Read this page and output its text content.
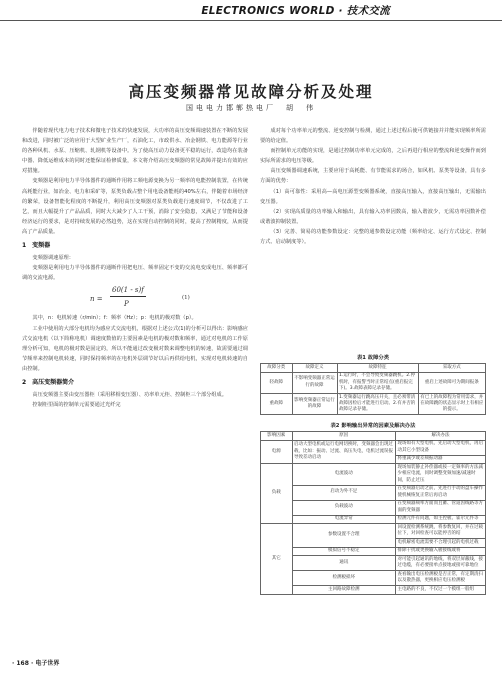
ELECTRONICS WORLD · 技术交流
高压变频器常见故障分析及处理
国电电力邯郸热电厂　胡　伟

伴随着现代电力电子技术和微电子技术的快速发展，大功率的高压变频调速装置在不断的发展和改进，同时被广泛的应用于大型矿业生产厂，石油化工，市政供水、冶金钢铁、电力能源等行业的各种风机、水泵、压缩机、轧钢机等设备中。为了使高压动力设备更平稳的运行，改造均在装备中器、降低运维成本的同时还能保证检修质量，本文将介绍高压变频器的常见故障并提出有效的应对措施。

变频器是利用电力半导体器件的通断作用将工频电源变换为另一频率的电能控制装置，在传统高耗能行业，如冶金、电力和采矿等，泵类负载占整个用电设备能耗的40%左右，伴随着市场经济的繁荣，设备智能化程度的不断提升，利用高压变频器对泵类负载进行速度调节，不仅改进了工艺，而且大幅提升了产品品质，同时大大减少了人工干预，消除了安全隐患，又满足了节能和设备经济运行的要求，是对持续发展的必然趋势，这在实现自动控制的同时，提高了控制精度，从而提高了产品质量。

1　变频器

变频器调速原理：

变频器是利用电力半导体器件的通断作用把电压、频率固定不变的交流电变成电压、频率都可调的交流电源。

n =
60(1 - s)f
P
(1)

其中，n：电机转速（r/min）；f：频率（Hz）；p：电机的极对数（p）。

工业中使用的大部分电机均为感应式交流电机，根据对上述公式(1)的分析可以得出：影响感应式交流电机（以下简称电机）调速度数值的主要因素是电机的极对数和频率，通过对电机的工作原理分析可知，电机的极对数是固定的，所以不能通过改变极对数来调整电机的转速，故需要通过调节频率来控制电机转速，同时保持频率的在电机外层调节好以后再供给电机，实现对电机转速的自由控制。

2　高压变频器简介

高压变频器主要由变压器柜（采用移相变压器）、功率单元柜、控制柜三个部分组成。

控制柜里面的控制单元需要通过光纤完

成对每个功率单元的整流、逆变控制与检测，通过上述过程后使可供链接并并能实现频率所需要的给定值。

而控制单元功能的实现，是通过控制功率单元完成的，之后再进行相应的整流和逆变操作而到实际所需求的电压等级。

高压变频器调速系统，主要应用于高耗能、有节能需求的场合，如风机、泵类等设备，具有多方面的优势：

（1）高可靠性：采用高—高电压源型变频器系统，直接高压输入，直接高压输出，无需输出变压器。

（2）实现高质量的功率输入和输出，具有输入功率因数高，输入谐波少，无需功率因数补偿或谐波抑制装置。

（3）完善、简易的功能参数设定：完整的通参数设定功能（频率给定、运行方式设定、控制方式、启动制度等）。

表1 故障分类
故障分类	故障定义	故障特征	采取方式
轻故障	不影响变频器正常运行的故障	1.运行时，不会导致变频器跳机。2.停机时，有报警当时正常结点(重启报完下)。3.故障表障记录存储。	重启上述故障可为期间报条
重故障	影响变频器正常运行的故障	1.变频器运行跳高压开关，且必须带清故障因检后才能进行启动。2.有并否的故障记录存储。	有已上的故障程为常用需求，并在故障跳的状态显示时上有相应的提示。
表2 影响输出异常的因素及解决办法
影响因素	原因	解决办法
电源	启动大型电机或运行电网切换时，变频器会出现过载，比如：振动、过流、高压失电，电机过流误报导致差动启动	现场如有大型电机，先启动大型电机，再启动其它小型设备
		将重减少或差频振动器
负载	电流波动	现场加装静止补偿器或按一定频率的方法减少相应电流，同时调整变频加速/减速时间，防止过压
	启动为外不足	在变频器启动之前，先进行手动的盘车操作使机械恢复正常后再启动
	负载波动	在变频器频率方面而且蓄、管道因线路等方面的变频器
	电流异常	检测元件有问题，如主控板、霍尔元件等
其它	参数设置不合理	回设置检测系统跳，将参数复回，并在过载位下，对回检查可以能停否的结
		电机解密电流需要不合理引起的电机过载
	模拟信号不稳定	排除干扰或更换输入板接线或将
	通讯	对可能引起通讯的地线，将双层屏蔽线，接过电缆，有必要接单点接地或接可靠地位
	检测板损坏	查看输出电压检测板是否正常，有定期清扫以及散热器，更换相应电压检测板
	主回路故障检测	主电路的不良，不仅过一个模组一般组
· 168 · 电子世界
